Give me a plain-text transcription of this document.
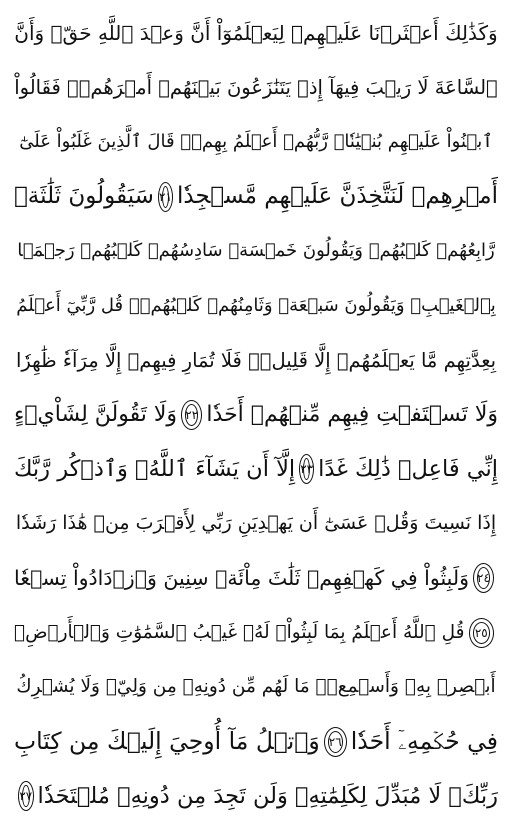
وَكَذَٰلِكَ أَعۡثَرۡنَا عَلَيۡهِمۡ لِيَعۡلَمُوٓاْ أَنَّ وَعۡدَ ٱللَّهِ حَقّٞ وَأَنَّ
ٱلسَّاعَةَ لَا رَيۡبَ فِيهَآ إِذۡ يَتَنَٰزَعُونَ بَيۡنَهُمۡ أَمۡرَهُمۡۖ فَقَالُواْ
ٱبۡنُواْ عَلَيۡهِم بُنۡيَٰنٗاۖ رَّبُّهُمۡ أَعۡلَمُ بِهِمۡۚ قَالَ ٱلَّذِينَ غَلَبُواْ عَلَىٰٓ
أَمۡرِهِمۡ لَنَتَّخِذَنَّ عَلَيۡهِم مَّسۡجِدٗا
٢١
سَيَقُولُونَ ثَلَٰثَةٞ
رَّابِعُهُمۡ كَلۡبُهُمۡ وَيَقُولُونَ خَمۡسَةٞ سَادِسُهُمۡ كَلۡبُهُمۡ رَجۡمَۢا
بِٱلۡغَيۡبِۖ وَيَقُولُونَ سَبۡعَةٞ وَثَامِنُهُمۡ كَلۡبُهُمۡۚ قُل رَّبِّيٓ أَعۡلَمُ
بِعِدَّتِهِم مَّا يَعۡلَمُهُمۡ إِلَّا قَلِيلٞۗ فَلَا تُمَارِ فِيهِمۡ إِلَّا مِرَآءٗ ظَٰهِرٗا
وَلَا تَسۡتَفۡتِ فِيهِم مِّنۡهُمۡ أَحَدٗا
٢٢
وَلَا تَقُولَنَّ لِشَاْيۡءٍ
إِنِّي فَاعِلٞ ذَٰلِكَ غَدًا
٢٣
إِلَّآ أَن يَشَآءَ ٱللَّهُۚ وَٱذۡكُر رَّبَّكَ
إِذَا نَسِيتَ وَقُلۡ عَسَىٰٓ أَن يَهۡدِيَنِ رَبِّي لِأَقۡرَبَ مِنۡ هَٰذَا رَشَدٗا
٢٤
وَلَبِثُواْ فِي كَهۡفِهِمۡ ثَلَٰثَ مِاْئَةٖ سِنِينَ وَٱزۡدَادُواْ تِسۡعٗا
٢٥
قُلِ ٱللَّهُ أَعۡلَمُ بِمَا لَبِثُواْۖ لَهُۥ غَيۡبُ ٱلسَّمَٰوَٰتِ وَٱلۡأَرۡضِۖ
أَبۡصِرۡ بِهِۦ وَأَسۡمِعۡۚ مَا لَهُم مِّن دُونِهِۦ مِن وَلِيّٖ وَلَا يُشۡرِكُ
فِي حُكۡمِهِۦٓ أَحَدٗا
٢٦
وَٱتۡلُ مَآ أُوحِيَ إِلَيۡكَ مِن كِتَابِ
رَبِّكَۖ لَا مُبَدِّلَ لِكَلِمَٰتِهِۦ وَلَن تَجِدَ مِن دُونِهِۦ مُلۡتَحَدٗا
٢٧
